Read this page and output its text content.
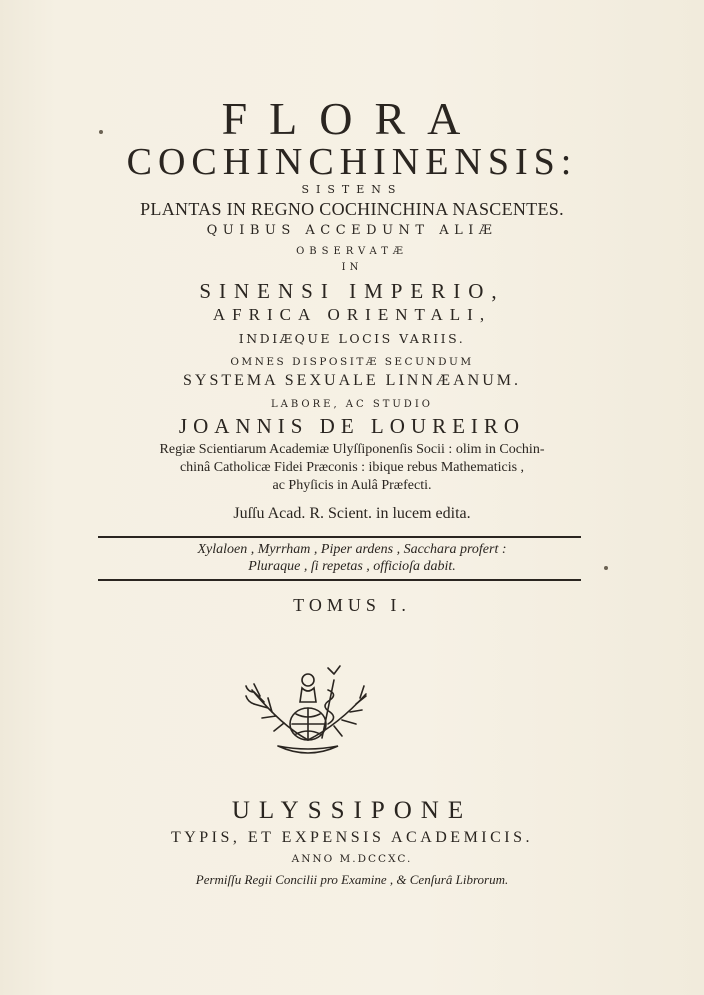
FLORA
COCHINCHINENSIS:
SISTENS
PLANTAS IN REGNO COCHINCHINA NASCENTES.
QUIBUS ACCEDUNT ALIÆ
OBSERVATÆ
IN
SINENSI IMPERIO,
AFRICA ORIENTALI,
INDIÆQUE LOCIS VARIIS.
OMNES DISPOSITÆ SECUNDUM
SYSTEMA SEXUALE LINNÆANUM.
LABORE, AC STUDIO
JOANNIS DE LOUREIRO
Regiæ Scientiarum Academiæ Ulyſſiponenſis Socii : olim in Cochin-
chinâ Catholicæ Fidei Præconis : ibique rebus Mathematicis ,
ac Phyſicis in Aulâ Præfecti.
Juſſu Acad. R. Scient. in lucem edita.
Xylaloen , Myrrham , Piper ardens , Sacchara profert :
Pluraque , ſi repetas , officioſa dabit.
TOMUS I.
ULYSSIPONE
TYPIS, ET EXPENSIS ACADEMICIS.
ANNO M.DCCXC.
Permiſſu Regii Concilii pro Examine , & Cenſurâ Librorum.
